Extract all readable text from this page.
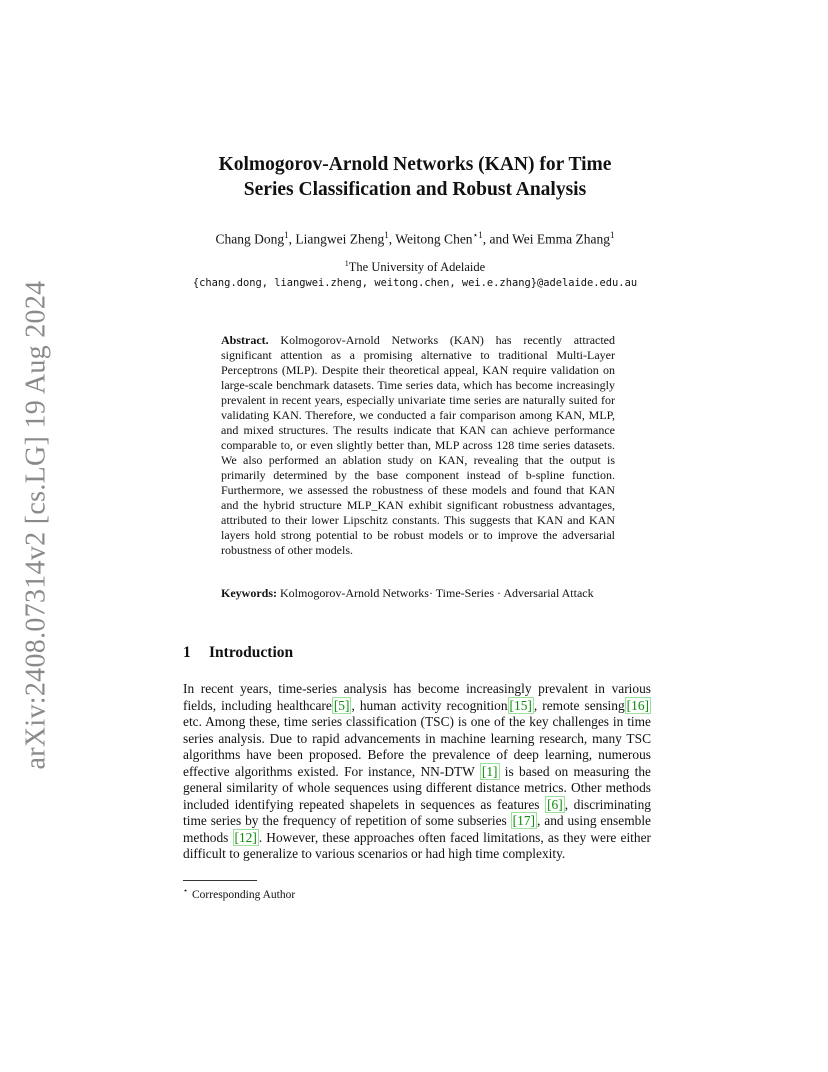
arXiv:2408.07314v2 [cs.LG] 19 Aug 2024
Kolmogorov-Arnold Networks (KAN) for Time
Series Classification and Robust Analysis
Chang Dong$^1$, Liangwei Zheng$^1$, Weitong Chen$^{⋆1}$, and Wei Emma Zhang$^1$
$^1$The University of Adelaide
{chang.dong, liangwei.zheng, weitong.chen, wei.e.zhang}@adelaide.edu.au
Abstract. Kolmogorov-Arnold Networks (KAN) has recently attracted significant attention as a promising alternative to traditional Multi-Layer Perceptrons (MLP). Despite their theoretical appeal, KAN require validation on large-scale benchmark datasets. Time series data, which has become increasingly prevalent in recent years, especially univariate time series are naturally suited for validating KAN. Therefore, we conducted a fair comparison among KAN, MLP, and mixed structures. The results indicate that KAN can achieve performance comparable to, or even slightly better than, MLP across 128 time series datasets. We also performed an ablation study on KAN, revealing that the output is primarily determined by the base component instead of b-spline function. Furthermore, we assessed the robustness of these models and found that KAN and the hybrid structure MLP_KAN exhibit significant robustness advantages, attributed to their lower Lipschitz constants. This suggests that KAN and KAN layers hold strong potential to be robust models or to improve the adversarial robustness of other models.
Keywords: Kolmogorov-Arnold Networks· Time-Series · Adversarial Attack
1 Introduction
In recent years, time-series analysis has become increasingly prevalent in various fields, including healthcare [5] , human activity recognition [15] , remote sensing [16] etc. Among these, time series classification (TSC) is one of the key challenges in time series analysis. Due to rapid advancements in machine learning research, many TSC algorithms have been proposed. Before the prevalence of deep learning, numerous effective algorithms existed. For instance, NN-DTW [1] is based on measuring the general similarity of whole sequences using different distance metrics. Other methods included identifying repeated shapelets in sequences as features [6] , discriminating time series by the frequency of repetition of some subseries [17] , and using ensemble methods [12] . However, these approaches often faced limitations, as they were either difficult to generalize to various scenarios or had high time complexity.
⋆ Corresponding Author
